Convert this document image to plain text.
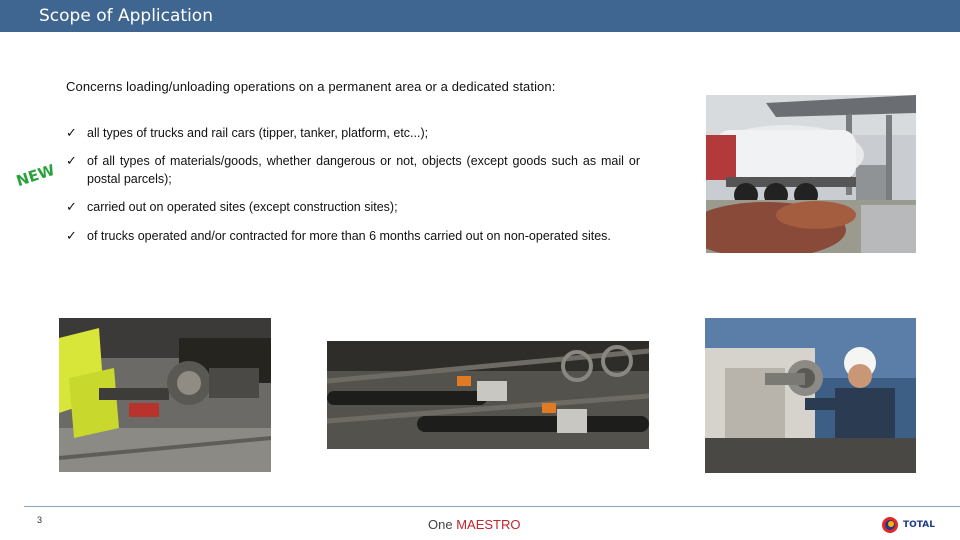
Scope of Application
Concerns loading/unloading operations on a permanent area or a dedicated station:
NEW
✓ all types of trucks and rail cars (tipper, tanker, platform, etc...);
✓ of all types of materials/goods, whether dangerous or not, objects (except goods such as mail or postal parcels);
✓ carried out on operated sites (except construction sites);
✓ of trucks operated and/or contracted for more than 6 months carried out on non-operated sites.
3	One MAESTRO	TOTAL
